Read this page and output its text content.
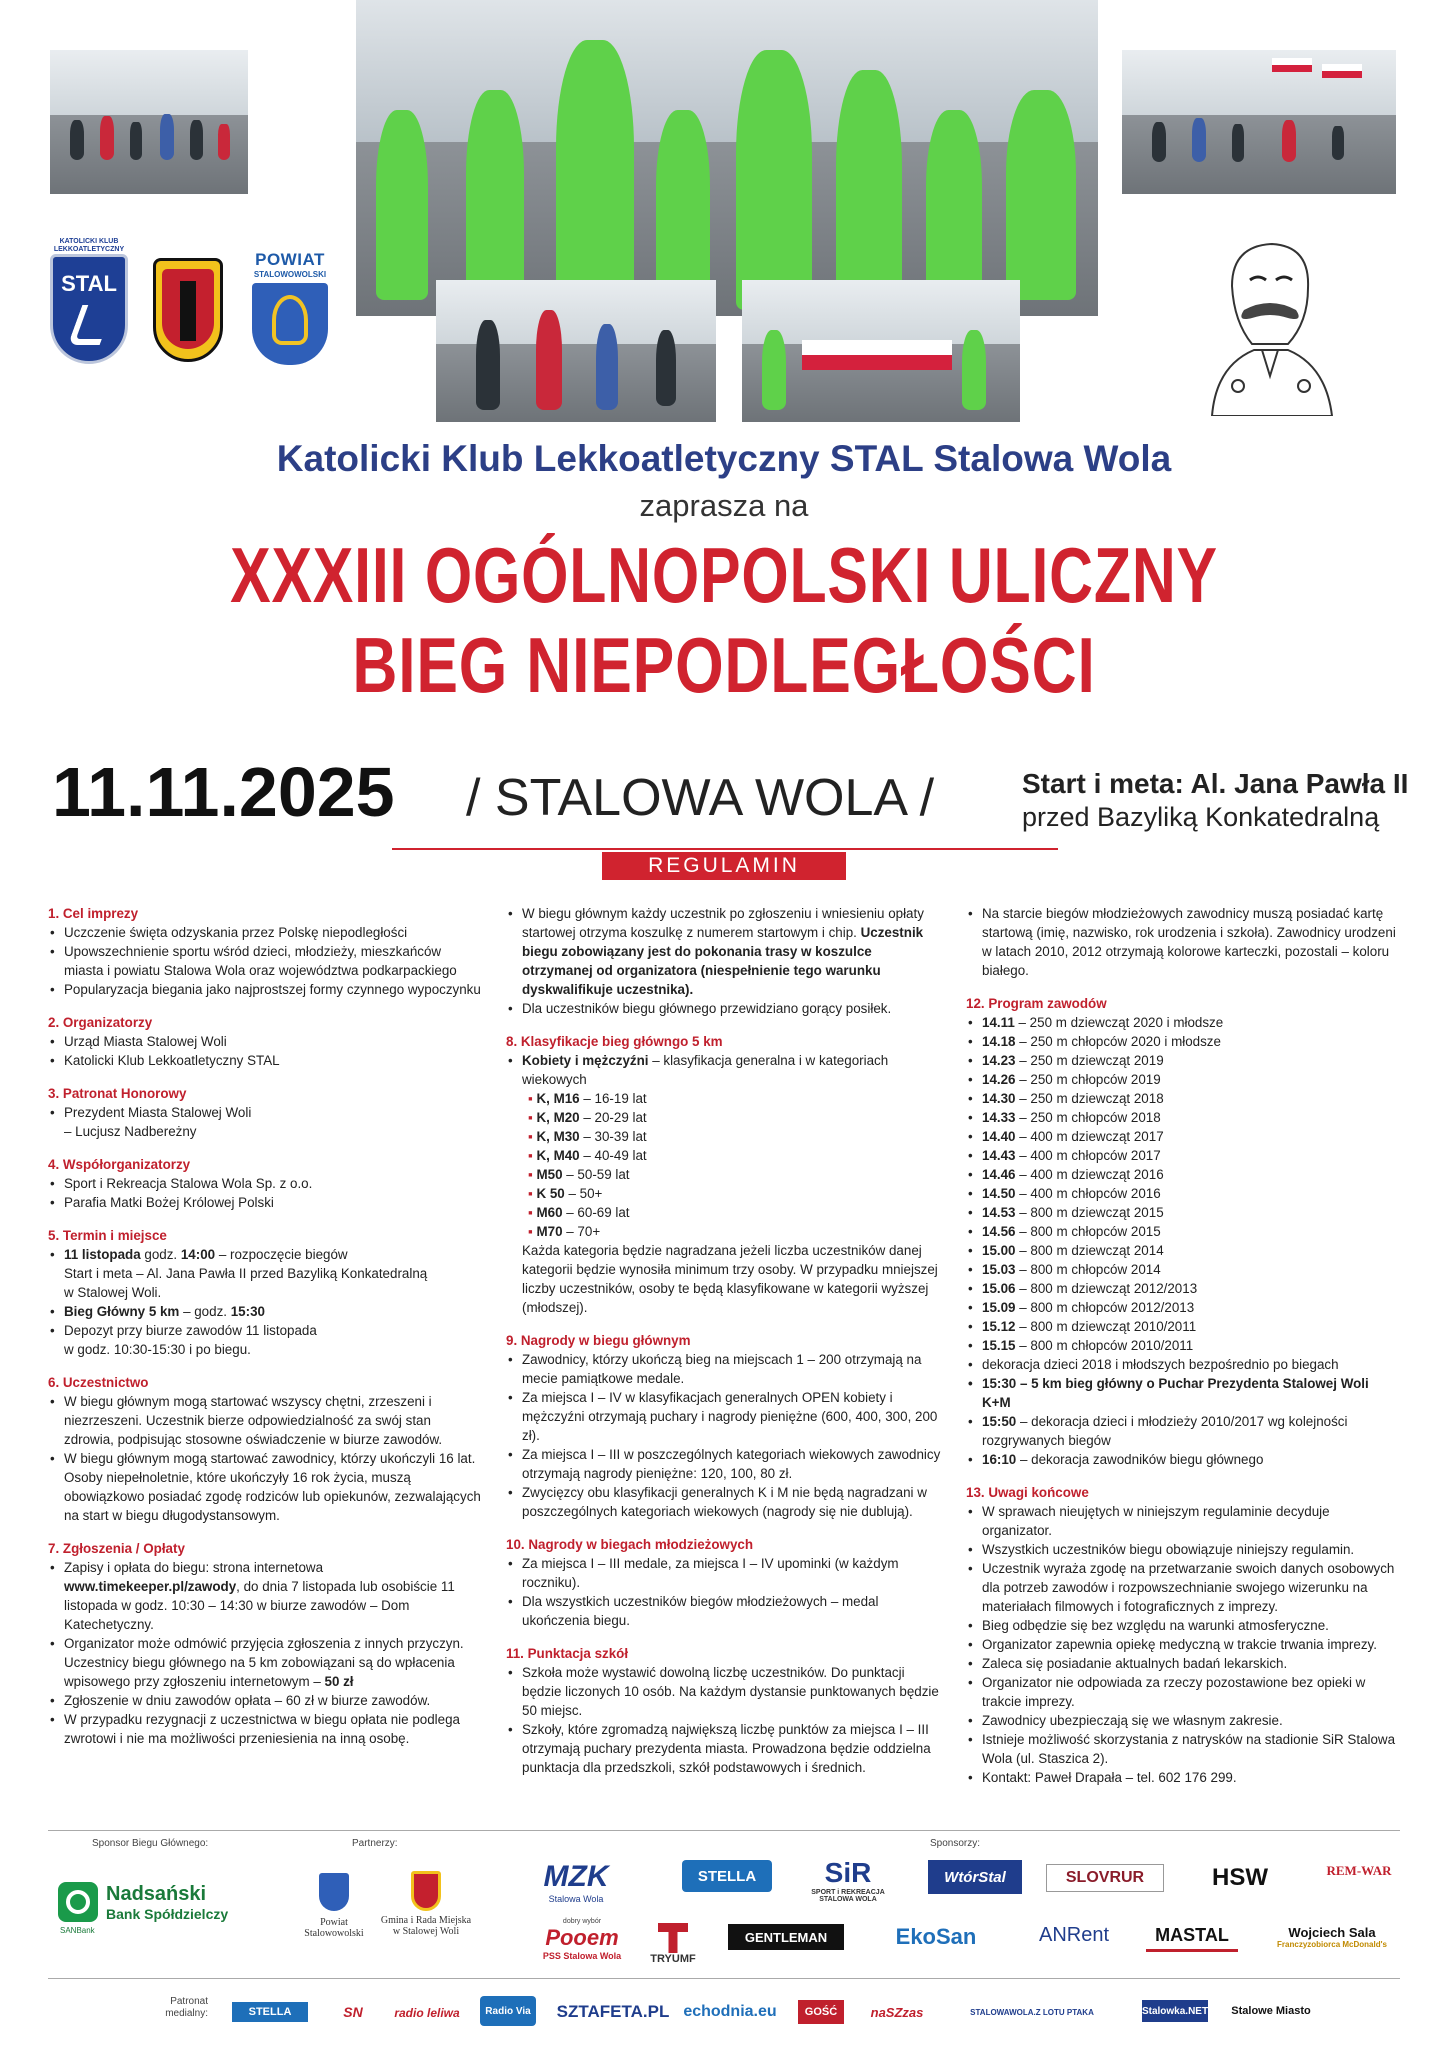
KATOLICKI KLUB LEKKOATLETYCZNY
STAL
POWIAT
STALOWOWOLSKI
Katolicki Klub Lekkoatletyczny STAL Stalowa Wola
zaprasza na
XXXIII OGÓLNOPOLSKI ULICZNY
BIEG NIEPODLEGŁOŚCI
11.11.2025 / STALOWA WOLA /	Start i meta: Al. Jana Pawła II
przed Bazyliką Konkatedralną
REGULAMIN
1. Cel imprezy
• Uczczenie święta odzyskania przez Polskę niepodległości
• Upowszechnienie sportu wśród dzieci, młodzieży, mieszkańców miasta i powiatu Stalowa Wola oraz województwa podkarpackiego
• Popularyzacja biegania jako najprostszej formy czynnego wypoczynku
2. Organizatorzy
• Urząd Miasta Stalowej Woli
• Katolicki Klub Lekkoatletyczny STAL
3. Patronat Honorowy
• Prezydent Miasta Stalowej Woli
– Lucjusz Nadbereżny
4. Współorganizatorzy
• Sport i Rekreacja Stalowa Wola Sp. z o.o.
• Parafia Matki Bożej Królowej Polski
5. Termin i miejsce
• 11 listopada godz. 14:00 – rozpoczęcie biegów
Start i meta – Al. Jana Pawła II przed Bazyliką Konkatedralną
w Stalowej Woli.
• Bieg Główny 5 km – godz. 15:30
• Depozyt przy biurze zawodów 11 listopada
w godz. 10:30-15:30 i po biegu.
6. Uczestnictwo
• W biegu głównym mogą startować wszyscy chętni, zrzeszeni i niezrzeszeni. Uczestnik bierze odpowiedzialność za swój stan zdrowia, podpisując stosowne oświadczenie w biurze zawodów.
• W biegu głównym mogą startować zawodnicy, którzy ukończyli 16 lat. Osoby niepełnoletnie, które ukończyły 16 rok życia, muszą obowiązkowo posiadać zgodę rodziców lub opiekunów, zezwalających na start w biegu długodystansowym.
7. Zgłoszenia / Opłaty
• Zapisy i opłata do biegu: strona internetowa www.timekeeper.pl/zawody, do dnia 7 listopada lub osobiście 11 listopada w godz. 10:30 – 14:30 w biurze zawodów – Dom Katechetyczny.
• Organizator może odmówić przyjęcia zgłoszenia z innych przyczyn. Uczestnicy biegu głównego na 5 km zobowiązani są do wpłacenia wpisowego przy zgłoszeniu internetowym – 50 zł
• Zgłoszenie w dniu zawodów opłata – 60 zł w biurze zawodów.
• W przypadku rezygnacji z uczestnictwa w biegu opłata nie podlega zwrotowi i nie ma możliwości przeniesienia na inną osobę.
• W biegu głównym każdy uczestnik po zgłoszeniu i wniesieniu opłaty startowej otrzyma koszulkę z numerem startowym i chip. Uczestnik biegu zobowiązany jest do pokonania trasy w koszulce otrzymanej od organizatora (niespełnienie tego warunku dyskwalifikuje uczestnika).
• Dla uczestników biegu głównego przewidziano gorący posiłek.
8. Klasyfikacje bieg główngo 5 km
• Kobiety i mężczyźni – klasyfikacja generalna i w kategoriach wiekowych
▪ K, M16 – 16-19 lat
▪ K, M20 – 20-29 lat
▪ K, M30 – 30-39 lat
▪ K, M40 – 40-49 lat
▪ M50 – 50-59 lat
▪ K 50 – 50+
▪ M60 – 60-69 lat
▪ M70 – 70+
Każda kategoria będzie nagradzana jeżeli liczba uczestników danej kategorii będzie wynosiła minimum trzy osoby. W przypadku mniejszej liczby uczestników, osoby te będą klasyfikowane w kategorii wyższej (młodszej).
9. Nagrody w biegu głównym
• Zawodnicy, którzy ukończą bieg na miejscach 1 – 200 otrzymają na mecie pamiątkowe medale.
• Za miejsca I – IV w klasyfikacjach generalnych OPEN kobiety i mężczyźni otrzymają puchary i nagrody pieniężne (600, 400, 300, 200 zł).
• Za miejsca I – III w poszczególnych kategoriach wiekowych zawodnicy otrzymają nagrody pieniężne: 120, 100, 80 zł.
• Zwycięzcy obu klasyfikacji generalnych K i M nie będą nagradzani w poszczególnych kategoriach wiekowych (nagrody się nie dublują).
10. Nagrody w biegach młodzieżowych
• Za miejsca I – III medale, za miejsca I – IV upominki (w każdym roczniku).
• Dla wszystkich uczestników biegów młodzieżowych – medal ukończenia biegu.
11. Punktacja szkół
• Szkoła może wystawić dowolną liczbę uczestników. Do punktacji będzie liczonych 10 osób. Na każdym dystansie punktowanych będzie 50 miejsc.
• Szkoły, które zgromadzą największą liczbę punktów za miejsca I – III otrzymają puchary prezydenta miasta. Prowadzona będzie oddzielna punktacja dla przedszkoli, szkół podstawowych i średnich.
• Na starcie biegów młodzieżowych zawodnicy muszą posiadać kartę startową (imię, nazwisko, rok urodzenia i szkoła). Zawodnicy urodzeni w latach 2010, 2012 otrzymają kolorowe karteczki, pozostali – koloru białego.
12. Program zawodów
• 14.11 – 250 m dziewcząt 2020 i młodsze
• 14.18 – 250 m chłopców 2020 i młodsze
• 14.23 – 250 m dziewcząt 2019
• 14.26 – 250 m chłopców 2019
• 14.30 – 250 m dziewcząt 2018
• 14.33 – 250 m chłopców 2018
• 14.40 – 400 m dziewcząt 2017
• 14.43 – 400 m chłopców 2017
• 14.46 – 400 m dziewcząt 2016
• 14.50 – 400 m chłopców 2016
• 14.53 – 800 m dziewcząt 2015
• 14.56 – 800 m chłopców 2015
• 15.00 – 800 m dziewcząt 2014
• 15.03 – 800 m chłopców 2014
• 15.06 – 800 m dziewcząt 2012/2013
• 15.09 – 800 m chłopców 2012/2013
• 15.12 – 800 m dziewcząt 2010/2011
• 15.15 – 800 m chłopców 2010/2011
• dekoracja dzieci 2018 i młodszych bezpośrednio po biegach
• 15:30 – 5 km bieg główny o Puchar Prezydenta Stalowej Woli K+M
• 15:50 – dekoracja dzieci i młodzieży 2010/2017 wg kolejności rozgrywanych biegów
• 16:10 – dekoracja zawodników biegu głównego
13. Uwagi końcowe
• W sprawach nieujętych w niniejszym regulaminie decyduje organizator.
• Wszystkich uczestników biegu obowiązuje niniejszy regulamin.
• Uczestnik wyraża zgodę na przetwarzanie swoich danych osobowych dla potrzeb zawodów i rozpowszechnianie swojego wizerunku na materiałach filmowych i fotograficznych z imprezy.
• Bieg odbędzie się bez względu na warunki atmosferyczne.
• Organizator zapewnia opiekę medyczną w trakcie trwania imprezy.
• Zaleca się posiadanie aktualnych badań lekarskich.
• Organizator nie odpowiada za rzeczy pozostawione bez opieki w trakcie imprezy.
• Zawodnicy ubezpieczają się we własnym zakresie.
• Istnieje możliwość skorzystania z natrysków na stadionie SiR Stalowa Wola (ul. Staszica 2).
• Kontakt: Paweł Drapała – tel. 602 176 299.
Sponsor Biegu Głównego:	Partnerzy:	Sponsorzy:
Nadsański
Bank Spółdzielczy
SANBank
Powiat Stalowowolski
Gmina i Rada Miejska w Stalowej Woli
MZK
Stalowa Wola
STELLA	SiR
SPORT i REKREACJA STALOWA WOLA
WtórStal	SLOVRUR	HSW	REM-WAR
dobry wybór
Pooem
PSS Stalowa Wola	TRYUMF
GENTLEMAN	EkoSan	ANRent	MASTAL	Wojciech Sala
Franczyzobiorca McDonald's
Patronat medialny:	STELLA	SN	radio leliwa	Radio Via	SZTAFETA.PL echodnia.eu	GOŚĆ	naSZzas	STALOWAWOLA.Z LOTU PTAKA	Stalowka.NET Stalowe Miasto
